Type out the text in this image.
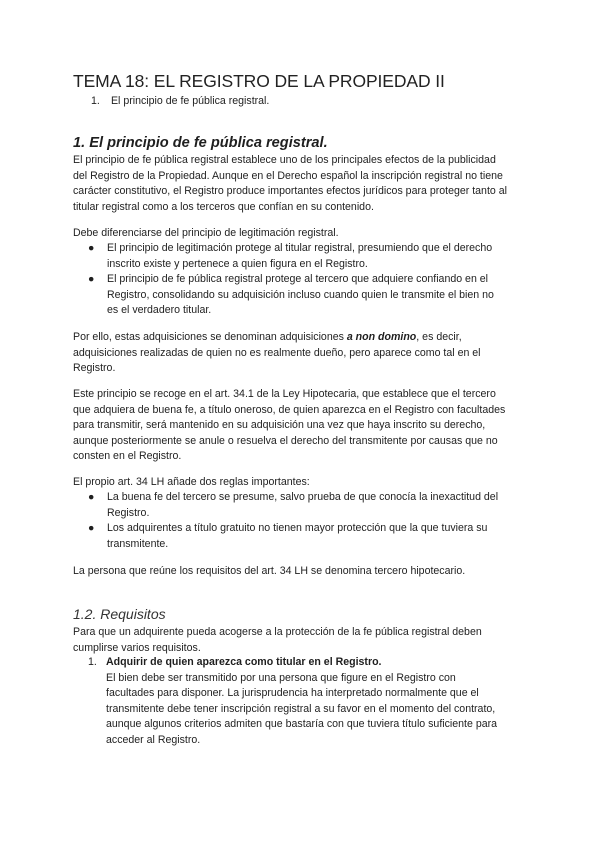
TEMA 18: EL REGISTRO DE LA PROPIEDAD II
1. El principio de fe pública registral.
1. El principio de fe pública registral.
El principio de fe pública registral establece uno de los principales efectos de la publicidad
del Registro de la Propiedad. Aunque en el Derecho español la inscripción registral no tiene
carácter constitutivo, el Registro produce importantes efectos jurídicos para proteger tanto al
titular registral como a los terceros que confían en su contenido.
Debe diferenciarse del principio de legitimación registral.
● El principio de legitimación protege al titular registral, presumiendo que el derecho
inscrito existe y pertenece a quien figura en el Registro.
● El principio de fe pública registral protege al tercero que adquiere confiando en el
Registro, consolidando su adquisición incluso cuando quien le transmite el bien no
es el verdadero titular.
Por ello, estas adquisiciones se denominan adquisiciones a non domino, es decir,
adquisiciones realizadas de quien no es realmente dueño, pero aparece como tal en el
Registro.
Este principio se recoge en el art. 34.1 de la Ley Hipotecaria, que establece que el tercero
que adquiera de buena fe, a título oneroso, de quien aparezca en el Registro con facultades
para transmitir, será mantenido en su adquisición una vez que haya inscrito su derecho,
aunque posteriormente se anule o resuelva el derecho del transmitente por causas que no
consten en el Registro.
El propio art. 34 LH añade dos reglas importantes:
● La buena fe del tercero se presume, salvo prueba de que conocía la inexactitud del
Registro.
● Los adquirentes a título gratuito no tienen mayor protección que la que tuviera su
transmitente.
La persona que reúne los requisitos del art. 34 LH se denomina tercero hipotecario.
1.2. Requisitos
Para que un adquirente pueda acogerse a la protección de la fe pública registral deben
cumplirse varios requisitos.
1. Adquirir de quien aparezca como titular en el Registro.
El bien debe ser transmitido por una persona que figure en el Registro con
facultades para disponer. La jurisprudencia ha interpretado normalmente que el
transmitente debe tener inscripción registral a su favor en el momento del contrato,
aunque algunos criterios admiten que bastaría con que tuviera título suficiente para
acceder al Registro.
